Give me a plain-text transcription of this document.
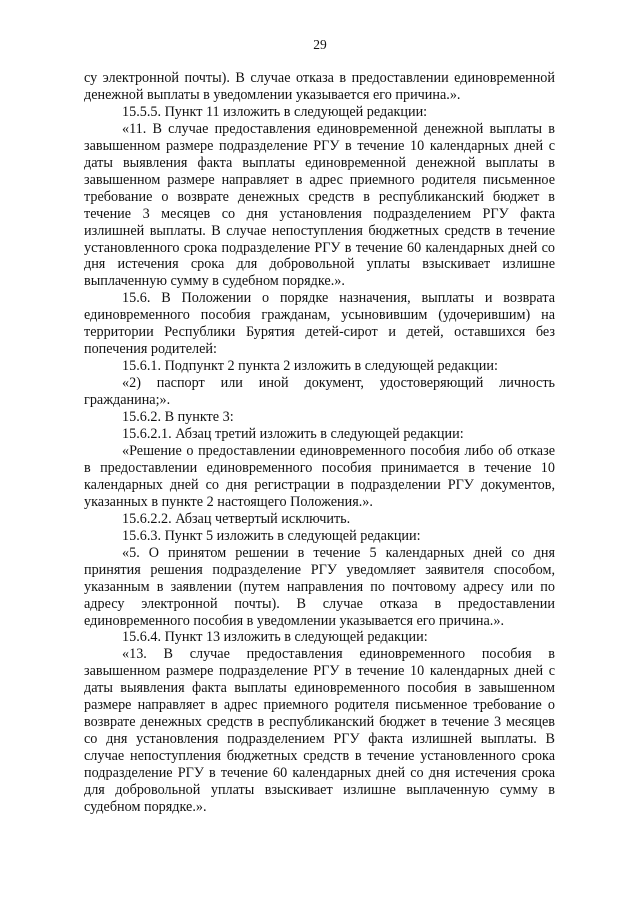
29

су электронной почты). В случае отказа в предоставлении единовременной денежной выплаты в уведомлении указывается его причина.».

15.5.5. Пункт 11 изложить в следующей редакции:

«11. В случае предоставления единовременной денежной выплаты в завышенном размере подразделение РГУ в течение 10 календарных дней с даты выявления факта выплаты единовременной денежной выплаты в завышенном размере направляет в адрес приемного родителя письменное требование о возврате денежных средств в республиканский бюджет в течение 3 месяцев со дня установления подразделением РГУ факта излишней выплаты. В случае непоступления бюджетных средств в течение установленного срока подразделение РГУ в течение 60 календарных дней со дня истечения срока для добровольной уплаты взыскивает излишне выплаченную сумму в судебном порядке.».

15.6. В Положении о порядке назначения, выплаты и возврата единовременного пособия гражданам, усыновившим (удочерившим) на территории Республики Бурятия детей-сирот и детей, оставшихся без попечения родителей:

15.6.1. Подпункт 2 пункта 2 изложить в следующей редакции:

«2) паспорт или иной документ, удостоверяющий личность гражданина;».

15.6.2. В пункте 3:

15.6.2.1. Абзац третий изложить в следующей редакции:

«Решение о предоставлении единовременного пособия либо об отказе в предоставлении единовременного пособия принимается в течение 10 календарных дней со дня регистрации в подразделении РГУ документов, указанных в пункте 2 настоящего Положения.».

15.6.2.2. Абзац четвертый исключить.

15.6.3. Пункт 5 изложить в следующей редакции:

«5. О принятом решении в течение 5 календарных дней со дня принятия решения подразделение РГУ уведомляет заявителя способом, указанным в заявлении (путем направления по почтовому адресу или по адресу электронной почты). В случае отказа в предоставлении единовременного пособия в уведомлении указывается его причина.».

15.6.4. Пункт 13 изложить в следующей редакции:

«13. В случае предоставления единовременного пособия в завышенном размере подразделение РГУ в течение 10 календарных дней с даты выявления факта выплаты единовременного пособия в завышенном размере направляет в адрес приемного родителя письменное требование о возврате денежных средств в республиканский бюджет в течение 3 месяцев со дня установления подразделением РГУ факта излишней выплаты. В случае непоступления бюджетных средств в течение установленного срока подразделение РГУ в течение 60 календарных дней со дня истечения срока для добровольной уплаты взыскивает излишне выплаченную сумму в судебном порядке.».
